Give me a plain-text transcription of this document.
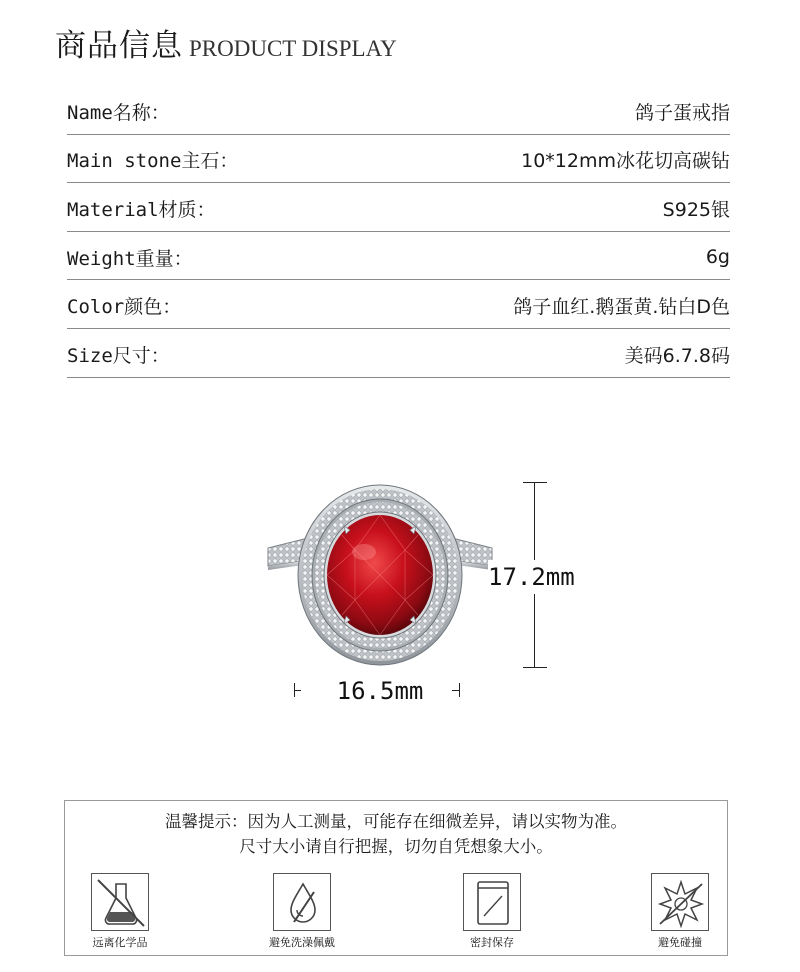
商品信息 PRODUCT DISPLAY
Name名称：	鸽子蛋戒指
Main stone主石：	10*12mm冰花切高碳钻
Material材质：	S925银
Weight重量：	6g
Color颜色：	鸽子血红.鹅蛋黄.钻白D色
Size尺寸：	美码6.7.8码
17.2mm
16.5mm
温馨提示：因为人工测量，可能存在细微差异，请以实物为准。
尺寸大小请自行把握，切勿自凭想象大小。
远离化学品	避免洗澡佩戴	密封保存	避免碰撞
